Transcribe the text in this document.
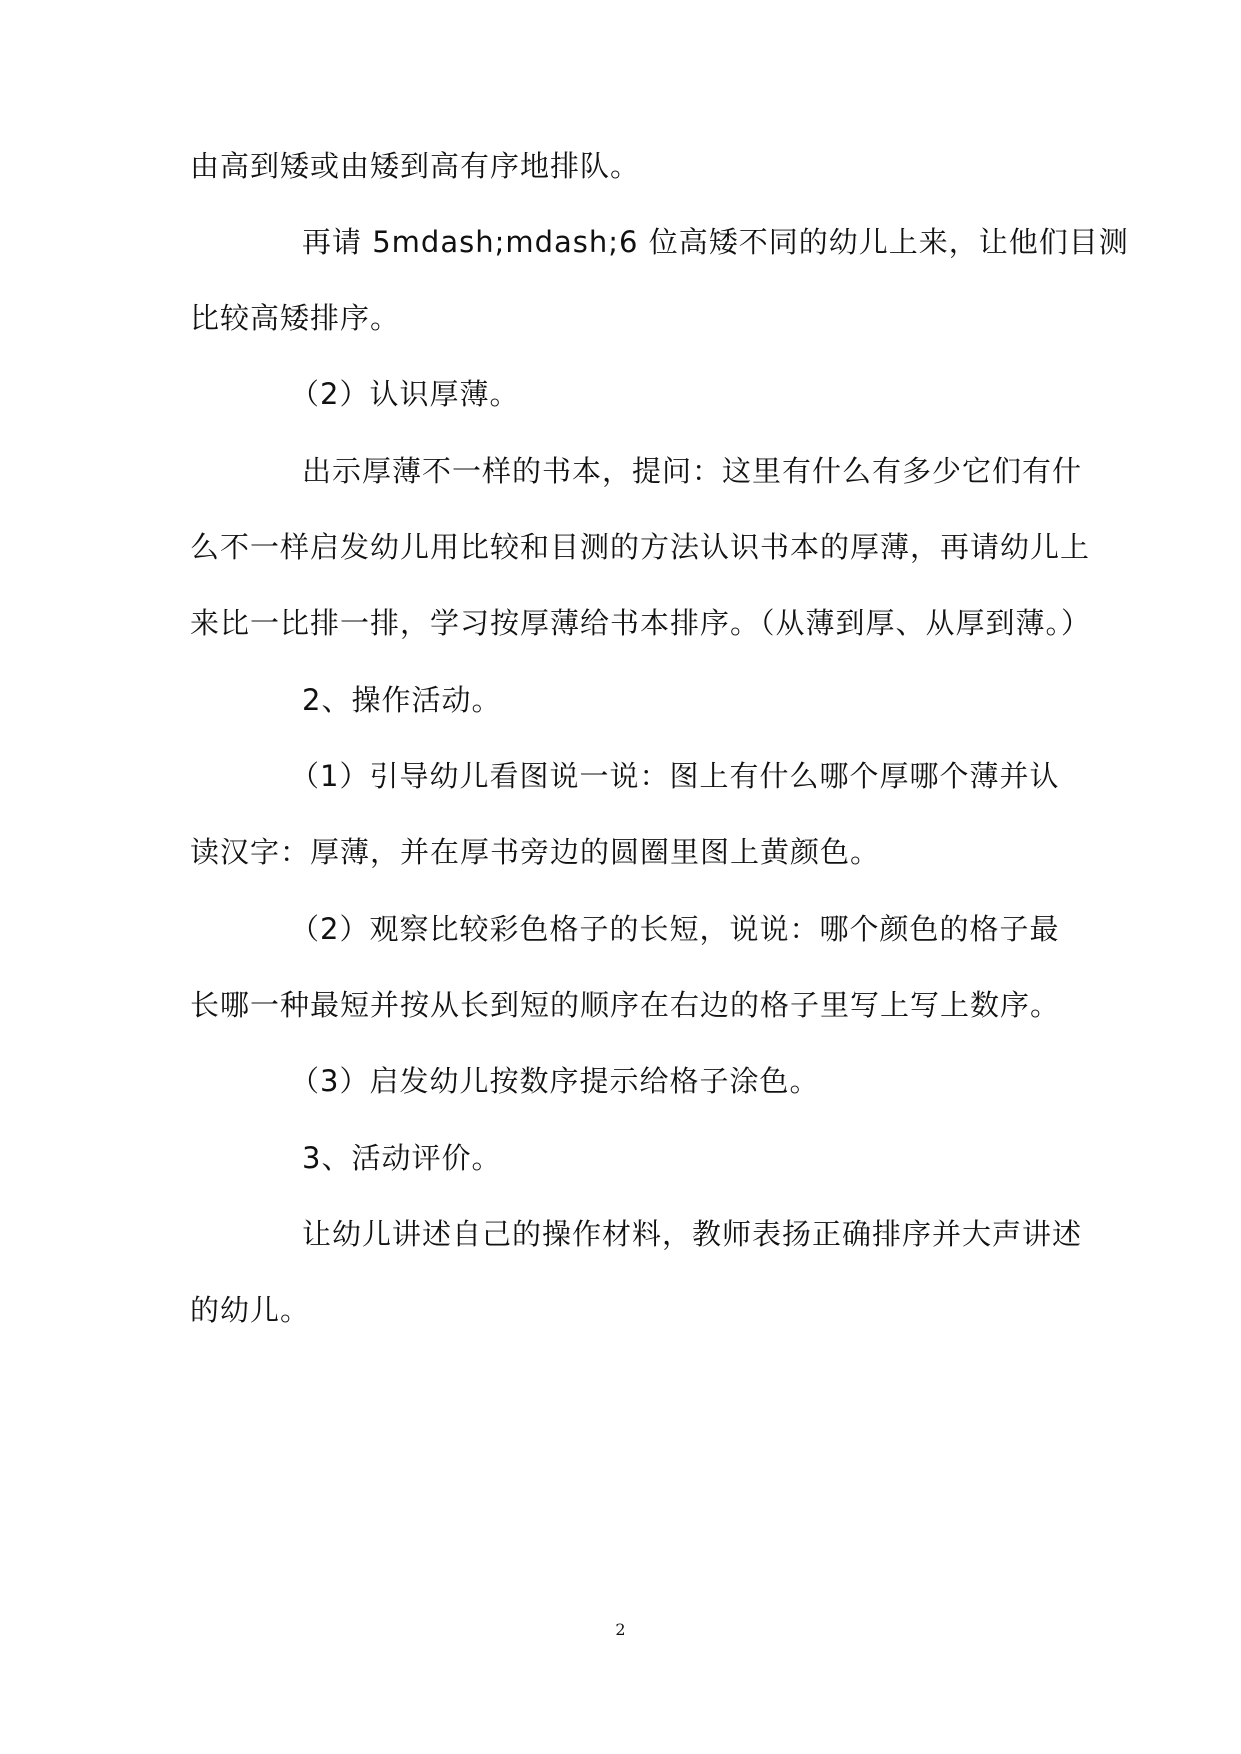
由高到矮或由矮到高有序地排队。
再请 5mdash;mdash;6 位高矮不同的幼儿上来，让他们目测
比较高矮排序。
（2）认识厚薄。
出示厚薄不一样的书本，提问：这里有什么有多少它们有什
么不一样启发幼儿用比较和目测的方法认识书本的厚薄，再请幼儿上
来比一比排一排，学习按厚薄给书本排序。（从薄到厚、从厚到薄。）
2、操作活动。
（1）引导幼儿看图说一说：图上有什么哪个厚哪个薄并认
读汉字：厚薄，并在厚书旁边的圆圈里图上黄颜色。
（2）观察比较彩色格子的长短，说说：哪个颜色的格子最
长哪一种最短并按从长到短的顺序在右边的格子里写上写上数序。
（3）启发幼儿按数序提示给格子涂色。
3、活动评价。
让幼儿讲述自己的操作材料，教师表扬正确排序并大声讲述
的幼儿。
2
